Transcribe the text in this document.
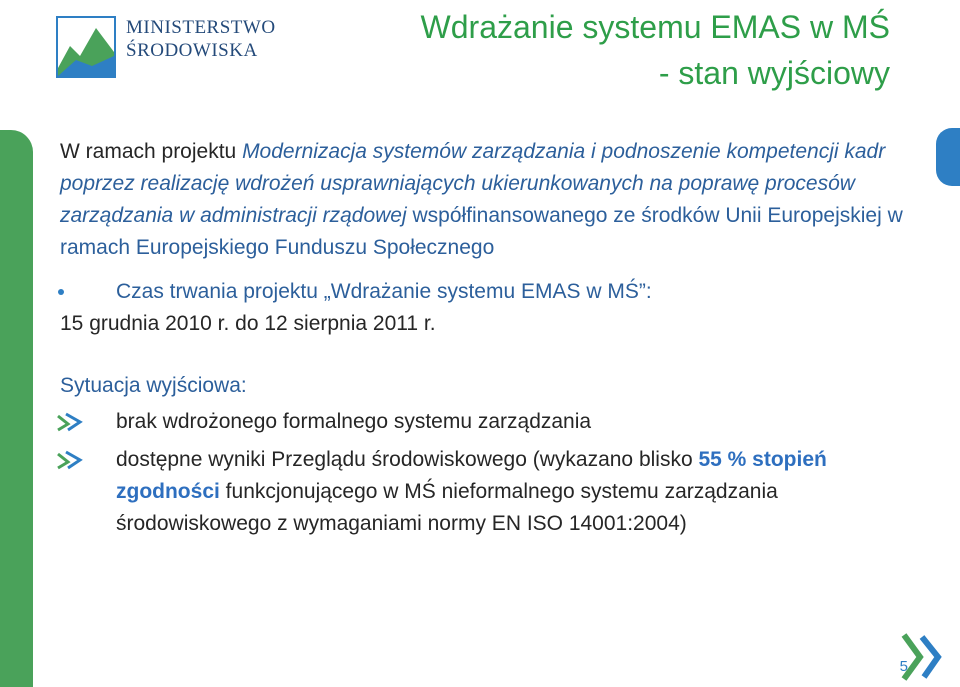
MINISTERSTWO
ŚRODOWISKA
Wdrażanie systemu EMAS w MŚ
- stan wyjściowy

W ramach projektu Modernizacja systemów zarządzania i podnoszenie kompetencji kadr poprzez realizację wdrożeń usprawniających ukierunkowanych na poprawę procesów zarządzania w administracji rządowej współfinansowanego ze środków Unii Europejskiej w ramach Europejskiego Funduszu Społecznego

Czas trwania projektu „Wdrażanie systemu EMAS w MŚ”:
15 grudnia 2010 r. do 12 sierpnia 2011 r.
Sytuacja wyjściowa:
brak wdrożonego formalnego systemu zarządzania
dostępne wyniki Przeglądu środowiskowego (wykazano blisko 55 % stopień zgodności funkcjonującego w MŚ nieformalnego systemu zarządzania środowiskowego z wymaganiami normy EN ISO 14001:2004)
5
